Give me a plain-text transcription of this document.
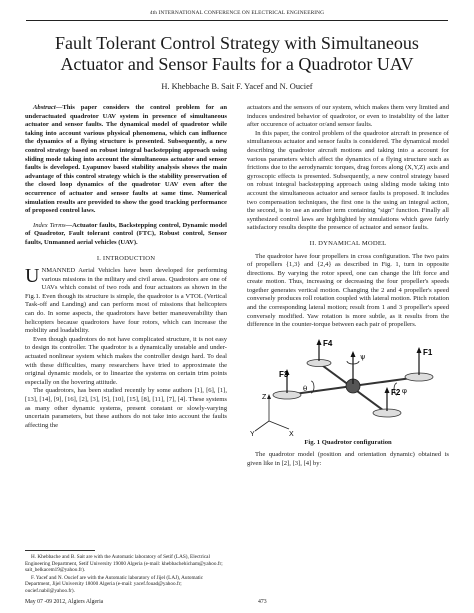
4th INTERNATIONAL CONFERENCE ON ELECTRICAL ENGINEERING
Fault Tolerant Control Strategy with Simultaneous
Actuator and Sensor Faults for a Quadrotor UAV
H. Khebbache B. Sait F. Yacef and N. Oucief

Abstract—This paper considers the control problem for an underactuated quadrotor UAV system in presence of simultaneous actuator and sensor faults. The dynamical model of quadrotor while taking into account various physical phenomena, which can influence the dynamics of a flying structure is presented. Subsequently, a new control strategy based on robust integral backstepping approach using sliding mode taking into account the simultaneous actuator and sensor faults is developed. Lyapunov based stability analysis shows the main advantage of this control strategy which is the stability preservation of the closed loop dynamics of the quadrotor UAV even after the occurrence of actuator and sensor faults at same time. Numerical simulation results are provided to show the good tracking performance of proposed control laws.

Index Terms—Actuator faults, Backstepping control, Dynamic model of Quadrotor, Fault tolerant control (FTC), Robust control, Sensor faults, Unmanned aerial vehicles (UAV).

I. INTRODUCTION

UNMANNED Aerial Vehicles have been developed for performing various missions in the military and civil areas. Quadrotors are one of UAVs which consist of two rods and four actuators as shown in the Fig.1. Even though its structure is simple, the quadrotor is a VTOL (Vertical Task-off and Landing) and can perform most of missions that helicopters can do. In some aspects, the quadrotors have better maneuverability than helicopters because quadrotors have four rotors, which can increase the mobility and loadability.

Even though quadrotors do not have complicated structure, it is not easy to design its controller. The quadrotor is a dynamically unstable and under-actuated nonlinear system which makes the controller design hard. To deal with these difficulties, many researchers have tried to approximate the original dynamic models, or to linearize the systems on certain trim points especially on the hovering attitude.

The quadrotors, has been studied recently by some authors [1], [6], [1], [13], [14], [9], [16], [2], [3], [5], [10], [15], [8], [11], [7], [4]. These systems as many other dynamic systems, present constant or slowly-varying uncertain parameters, but these authors do not take into account the faults affecting the

H. Khebbache and B. Sait are with the Automatic laboratory of Setif (LAS), Electrical Engineering Department, Setif University 19000 Algeria (e-mail: khebbachehicham@yahoo.fr; sait_belkacem19@yahoo.fr).

F. Yacef and N. Oucief are with the Automatic laboratory of Jijel (LAJ), Automatic Department, Jijel University 18000 Algeria (e-mail: yacef.fouad@yahoo.fr; oucief.nabil@yahoo.fr).

actuators and the sensors of our system, which makes them very limited and induces undesired behavior of quadrotor, or even to instability of the latter after occurence of actuator or/and sensor faults.

In this paper, the control problem of the quadrotor aircraft in presence of simultaneous actuator and sensor faults is considered. The dynamical model describing the quadrotor aircraft motions and taking into a account for various parameters which affect the dynamics of a flying structure such as frictions due to the aerodynamic torques, drag forces along (X,Y,Z) axis and gyroscopic effects is presented. Subsequently, a new control strategy based on robust integral backstepping approach using sliding mode taking into account the simultaneous actuator and sensor faults is proposed. It includes two compensation techniques, the first one is the using an integral action, the second, is to use an another term containing "sign" function. Finally all synthesized control laws are highlighted by simulations which gave fairly satisfactory results despite the presence of actuator and sensor faults.

II. DYNAMICAL MODEL

The quadrotor have four propellers in cross configuration. The two pairs of propellers {1,3} and {2,4} as described in Fig. 1, turn in opposite directions. By varying the rotor speed, one can change the lift force and create motion. Thus, increasing or decreasing the four propeller's speeds together generates vertical motion. Changing the 2 and 4 propeller's speed conversely produces roll rotation coupled with lateral motion. Pitch rotation and the corresponding lateral motion; result from 1 and 3 propeller's speed conversely modified. Yaw rotation is more subtle, as it results from the difference in the counter-torque between each pair of propellers.

Z
X
Y
F3
F1
F4
F2
ψ
φ
θ
Fig. 1 Quadrotor configuration

The quadrotor model (position and orientation dynamic) obtained is given like in [2], [3], [4] by:

May 07 -09 2012, Algiers Algeria	473
